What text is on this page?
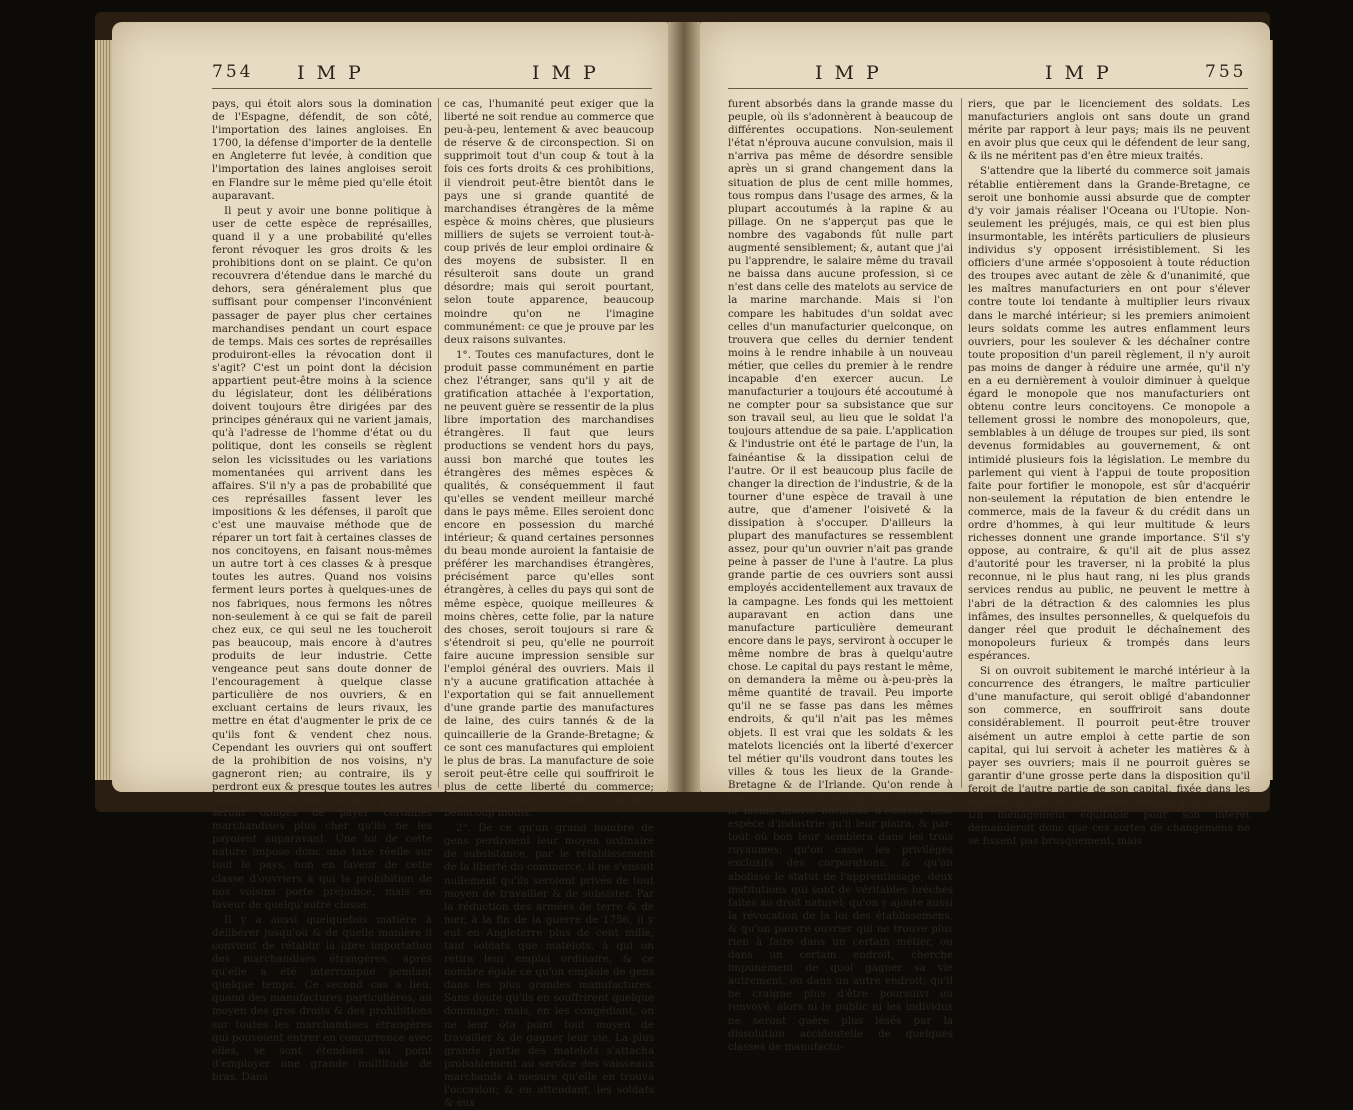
754 I M P	I M P

pays, qui étoit alors sous la domination de l'Espagne, défendit, de son côté, l'importation des laines angloises. En 1700, la défense d'importer de la dentelle en Angleterre fut levée, à condition que l'importation des laines angloises seroit en Flandre sur le même pied qu'elle étoit auparavant.

Il peut y avoir une bonne politique à user de cette espèce de représailles, quand il y a une probabilité qu'elles feront révoquer les gros droits & les prohibitions dont on se plaint. Ce qu'on recouvrera d'étendue dans le marché du dehors, sera généralement plus que suffisant pour compenser l'inconvénient passager de payer plus cher certaines marchandises pendant un court espace de temps. Mais ces sortes de représailles produiront-elles la révocation dont il s'agit? C'est un point dont la décision appartient peut-être moins à la science du législateur, dont les délibérations doivent toujours être dirigées par des principes généraux qui ne varient jamais, qu'à l'adresse de l'homme d'état ou du politique, dont les conseils se règlent selon les vicissitudes ou les variations momentanées qui arrivent dans les affaires. S'il n'y a pas de probabilité que ces représailles fassent lever les impositions & les défenses, il paroît que c'est une mauvaise méthode que de réparer un tort fait à certaines classes de nos concitoyens, en faisant nous-mêmes un autre tort à ces classes & à presque toutes les autres. Quand nos voisins ferment leurs portes à quelques-unes de nos fabriques, nous fermons les nôtres non-seulement à ce qui se fait de pareil chez eux, ce qui seul ne les toucheroit pas beaucoup, mais encore à d'autres produits de leur industrie. Cette vengeance peut sans doute donner de l'encouragement à quelque classe particulière de nos ouvriers, & en excluant certains de leurs rivaux, les mettre en état d'augmenter le prix de ce qu'ils font & vendent chez nous. Cependant les ouvriers qui ont souffert de la prohibition de nos voisins, n'y gagneront rien; au contraire, ils y perdront eux & presque toutes les autres classes de citoyens, puisque par-là ils seront obligés de payer certaines marchandises plus cher qu'ils ne les payoient auparavant. Une loi de cette nature impose donc une taxe réelle sur tout le pays, non en faveur de cette classe d'ouvriers à qui la prohibition de nos voisins porte préjudice, mais en faveur de quelqu'autre classe.

Il y a aussi quelquefois matière à délibérer jusqu'où & de quelle manière il convient de rétablir la libre importation des marchandises étrangères, après qu'elle a été interrompue pendant quelque temps. Ce second cas a lieu, quand des manufactures particulières, au moyen des gros droits & des prohibitions sur toutes les marchandises étrangères qui pouvoient entrer en concurrence avec elles, se sont étendues au point d'employer une grande multitude de bras. Dans

ce cas, l'humanité peut exiger que la liberté ne soit rendue au commerce que peu-à-peu, lentement & avec beaucoup de réserve & de circonspection. Si on supprimoit tout d'un coup & tout à la fois ces forts droits & ces prohibitions, il viendroit peut-être bientôt dans le pays une si grande quantité de marchandises étrangères de la même espèce & moins chères, que plusieurs milliers de sujets se verroient tout-à-coup privés de leur emploi ordinaire & des moyens de subsister. Il en résulteroit sans doute un grand désordre; mais qui seroit pourtant, selon toute apparence, beaucoup moindre qu'on ne l'imagine communément: ce que je prouve par les deux raisons suivantes.

1°. Toutes ces manufactures, dont le produit passe communément en partie chez l'étranger, sans qu'il y ait de gratification attachée à l'exportation, ne peuvent guère se ressentir de la plus libre importation des marchandises étrangères. Il faut que leurs productions se vendent hors du pays, aussi bon marché que toutes les étrangères des mêmes espèces & qualités, & conséquemment il faut qu'elles se vendent meilleur marché dans le pays même. Elles seroient donc encore en possession du marché intérieur; & quand certaines personnes du beau monde auroient la fantaisie de préférer les marchandises étrangères, précisément parce qu'elles sont étrangères, à celles du pays qui sont de même espèce, quoique meilleures & moins chères, cette folie, par la nature des choses, seroit toujours si rare & s'étendroit si peu, qu'elle ne pourroit faire aucune impression sensible sur l'emploi général des ouvriers. Mais il n'y a aucune gratification attachée à l'exportation qui se fait annuellement d'une grande partie des manufactures de laine, des cuirs tannés & de la quincaillerie de la Grande-Bretagne; & ce sont ces manufactures qui emploient le plus de bras. La manufacture de soie seroit peut-être celle qui souffriroit le plus de cette liberté du commerce; celle de toile ensuite, quoique beaucoup moins.

2°. De ce qu'un grand nombre de gens perdroient leur moyen ordinaire de subsistance, par le rétablissement de la liberté du commerce, il ne s'ensuit nullement qu'ils seroient privés de tout moyen de travailler & de subsister. Par la réduction des armées de terre & de mer, à la fin de la guerre de 1756, il y eut en Angleterre plus de cent mille, tant soldats que matelots, à qui on retira leur emploi ordinaire, & ce nombre égale ce qu'on emploie de gens dans les plus grandes manufactures. Sans doute qu'ils en souffrirent quelque dommage; mais, en les congédiant, on ne leur ôta point tout moyen de travailler & de gagner leur vie. La plus grande partie des matelots s'attacha probablement au service des vaisseaux marchands à mesure qu'elle en trouva l'occasion; & en attendant, les soldats & eux

I M P	I M P	755

furent absorbés dans la grande masse du peuple, où ils s'adonnèrent à beaucoup de différentes occupations. Non-seulement l'état n'éprouva aucune convulsion, mais il n'arriva pas même de désordre sensible après un si grand changement dans la situation de plus de cent mille hommes, tous rompus dans l'usage des armes, & la plupart accoutumés à la rapine & au pillage. On ne s'apperçut pas que le nombre des vagabonds fût nulle part augmenté sensiblement; &, autant que j'ai pu l'apprendre, le salaire même du travail ne baissa dans aucune profession, si ce n'est dans celle des matelots au service de la marine marchande. Mais si l'on compare les habitudes d'un soldat avec celles d'un manufacturier quelconque, on trouvera que celles du dernier tendent moins à le rendre inhabile à un nouveau métier, que celles du premier à le rendre incapable d'en exercer aucun. Le manufacturier a toujours été accoutumé à ne compter pour sa subsistance que sur son travail seul, au lieu que le soldat l'a toujours attendue de sa paie. L'application & l'industrie ont été le partage de l'un, la fainéantise & la dissipation celui de l'autre. Or il est beaucoup plus facile de changer la direction de l'industrie, & de la tourner d'une espèce de travail à une autre, que d'amener l'oisiveté & la dissipation à s'occuper. D'ailleurs la plupart des manufactures se ressemblent assez, pour qu'un ouvrier n'ait pas grande peine à passer de l'une à l'autre. La plus grande partie de ces ouvriers sont aussi employés accidentellement aux travaux de la campagne. Les fonds qui les mettoient auparavant en action dans une manufacture particulière demeurant encore dans le pays, serviront à occuper le même nombre de bras à quelqu'autre chose. Le capital du pays restant le même, on demandera la même ou à-peu-près la même quantité de travail. Peu importe qu'il ne se fasse pas dans les mêmes endroits, & qu'il n'ait pas les mêmes objets. Il est vrai que les soldats & les matelots licenciés ont la liberté d'exercer tel métier qu'ils voudront dans toutes les villes & tous les lieux de la Grande-Bretagne & de l'Irlande. Qu'on rende à tous les sujets de sa majesté britannique la même liberté naturelle d'exercer telle espèce d'industrie qu'il leur plaira, & par-tout où bon leur semblera dans les trois royaumes; qu'on casse les privilèges exclusifs des corporations, & qu'on abolisse le statut de l'apprentissage, deux institutions qui sont de véritables brèches faites au droit naturel; qu'on y ajoute aussi la révocation de la loi des établissemens, & qu'un pauvre ouvrier qui ne trouve plus rien à faire dans un certain métier, ou dans un certain endroit, cherche impunément de quoi gagner sa vie autrement, ou dans un autre endroit; qu'il ne craigne plus d'être poursuivi ou renvoyé, alors ni le public ni les individus ne seront guère plus lésés par la dissolution accidentelle de quelques classes de manufactu-

riers, que par le licenciement des soldats. Les manufacturiers anglois ont sans doute un grand mérite par rapport à leur pays; mais ils ne peuvent en avoir plus que ceux qui le défendent de leur sang, & ils ne méritent pas d'en être mieux traités.

S'attendre que la liberté du commerce soit jamais rétablie entièrement dans la Grande-Bretagne, ce seroit une bonhomie aussi absurde que de compter d'y voir jamais réaliser l'Oceana ou l'Utopie. Non-seulement les préjugés, mais, ce qui est bien plus insurmontable, les intérêts particuliers de plusieurs individus s'y opposent irrésistiblement. Si les officiers d'une armée s'opposoient à toute réduction des troupes avec autant de zèle & d'unanimité, que les maîtres manufacturiers en ont pour s'élever contre toute loi tendante à multiplier leurs rivaux dans le marché intérieur; si les premiers animoient leurs soldats comme les autres enflamment leurs ouvriers, pour les soulever & les déchaîner contre toute proposition d'un pareil règlement, il n'y auroit pas moins de danger à réduire une armée, qu'il n'y en a eu dernièrement à vouloir diminuer à quelque égard le monopole que nos manufacturiers ont obtenu contre leurs concitoyens. Ce monopole a tellement grossi le nombre des monopoleurs, que, semblables à un déluge de troupes sur pied, ils sont devenus formidables au gouvernement, & ont intimidé plusieurs fois la législation. Le membre du parlement qui vient à l'appui de toute proposition faite pour fortifier le monopole, est sûr d'acquérir non-seulement la réputation de bien entendre le commerce, mais de la faveur & du crédit dans un ordre d'hommes, à qui leur multitude & leurs richesses donnent une grande importance. S'il s'y oppose, au contraire, & qu'il ait de plus assez d'autorité pour les traverser, ni la probité la plus reconnue, ni le plus haut rang, ni les plus grands services rendus au public, ne peuvent le mettre à l'abri de la détraction & des calomnies les plus infâmes, des insultes personnelles, & quelquefois du danger réel que produit le déchaînement des monopoleurs furieux & trompés dans leurs espérances.

Si on ouvroit subitement le marché intérieur à la concurrence des étrangers, le maître particulier d'une manufacture, qui seroit obligé d'abandonner son commerce, en souffriroit sans doute considérablement. Il pourroit peut-être trouver aisément un autre emploi à cette partie de son capital, qui lui servoit à acheter les matières & à payer ses ouvriers; mais il ne pourroit guères se garantir d'une grosse perte dans la disposition qu'il feroit de l'autre partie de son capital, fixée dans les atteliers & dans les instrumens servans à sa fabrique. Un ménagement équitable pour son intérêt demanderoit donc que ces sortes de changemens ne se fissent pas brusquement, mais
